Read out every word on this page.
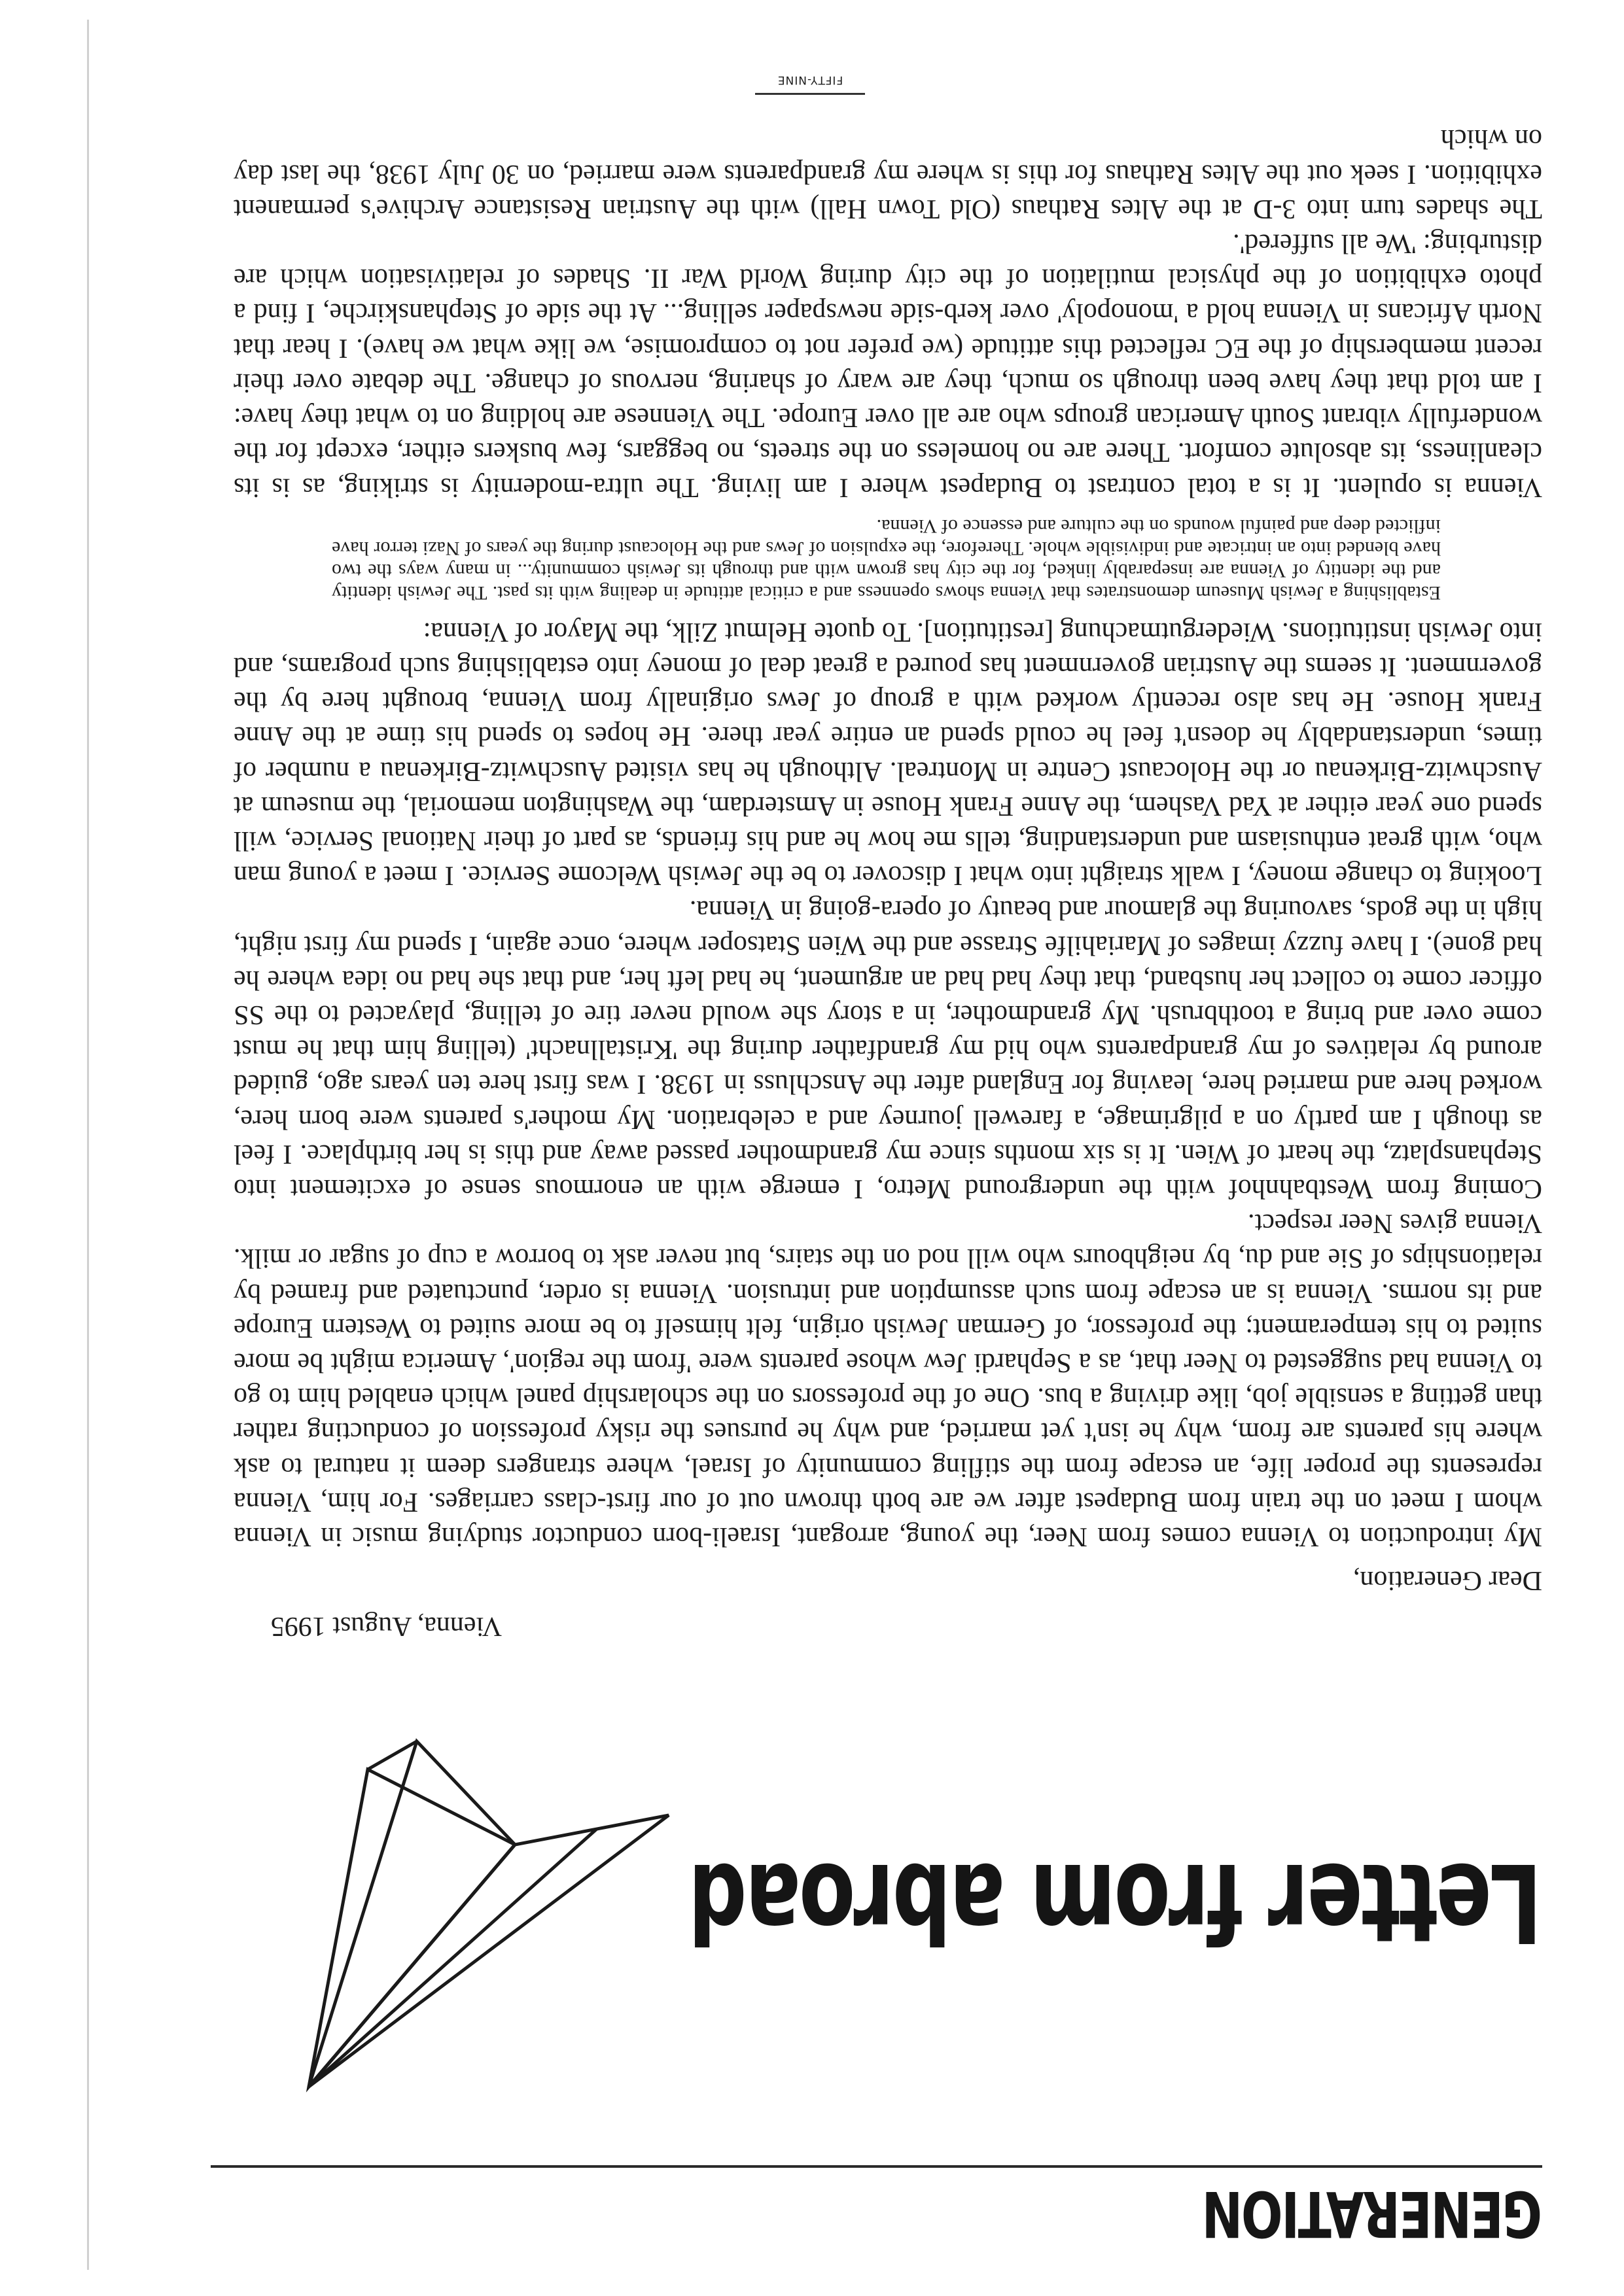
GENERATION
Letter from abroad
Vienna, August 1995
Dear Generation,

My introduction to Vienna comes from Neer, the young, arrogant, Israeli-born conductor studying music in Vienna whom I meet on the train from Budapest after we are both thrown out of our first-class carriages. For him, Vienna represents the proper life, an escape from the stifling community of Israel, where strangers deem it natural to ask where his parents are from, why he isn't yet married, and why he pursues the risky profession of conducting rather than getting a sensible job, like driving a bus. One of the professors on the scholarship panel which enabled him to go to Vienna had suggested to Neer that, as a Sephardi Jew whose parents were 'from the region', America might be more suited to his temperament; the professor, of German Jewish origin, felt himself to be more suited to Western Europe and its norms. Vienna is an escape from such assumption and intrusion. Vienna is order, punctuated and framed by relationships of Sie and du, by neighbours who will nod on the stairs, but never ask to borrow a cup of sugar or milk. Vienna gives Neer respect.

Coming from Westbahnhof with the underground Metro, I emerge with an enormous sense of excitement into Stephansplatz, the heart of Wien. It is six months since my grandmother passed away and this is her birthplace. I feel as though I am partly on a pilgrimage, a farewell journey and a celebration. My mother's parents were born here, worked here and married here, leaving for England after the Anschluss in 1938. I was first here ten years ago, guided around by relatives of my grandparents who hid my grandfather during the 'Kristallnacht' (telling him that he must come over and bring a toothbrush. My grandmother, in a story she would never tire of telling, playacted to the SS officer come to collect her husband, that they had had an argument, he had left her, and that she had no idea where he had gone). I have fuzzy images of Mariahilfe Strasse and the Wien Statsoper where, once again, I spend my first night, high in the gods, savouring the glamour and beauty of opera-going in Vienna.

Looking to change money, I walk straight into what I discover to be the Jewish Welcome Service. I meet a young man who, with great enthusiasm and understanding, tells me how he and his friends, as part of their National Service, will spend one year either at Yad Vashem, the Anne Frank House in Amsterdam, the Washington memorial, the museum at Auschwitz-Birkenau or the Holocaust Centre in Montreal. Although he has visited Auschwitz-Birkenau a number of times, understandably he doesn't feel he could spend an entire year there. He hopes to spend his time at the Anne Frank House. He has also recently worked with a group of Jews originally from Vienna, brought here by the government. It seems the Austrian government has poured a great deal of money into establishing such programs, and into Jewish institutions. Wiedergutmachung [restitution]. To quote Helmut Zilk, the Mayor of Vienna:

Establishing a Jewish Museum demonstrates that Vienna shows openness and a critical attitude in dealing with its past. The Jewish identity and the identity of Vienna are inseparably linked, for the city has grown with and through its Jewish community... in many ways the two have blended into an intricate and indivisible whole. Therefore, the expulsion of Jews and the Holocaust during the years of Nazi terror have inflicted deep and painful wounds on the culture and essence of Vienna.

Vienna is opulent. It is a total contrast to Budapest where I am living. The ultra-modernity is striking, as is its cleanliness, its absolute comfort. There are no homeless on the streets, no beggars, few buskers either, except for the wonderfully vibrant South American groups who are all over Europe. The Viennese are holding on to what they have: I am told that they have been through so much, they are wary of sharing, nervous of change. The debate over their recent membership of the EC reflected this attitude (we prefer not to compromise, we like what we have). I hear that North Africans in Vienna hold a 'monopoly' over kerb-side newspaper selling... At the side of Stephanskirche, I find a photo exhibition of the physical mutilation of the city during World War II. Shades of relativisation which are disturbing: 'We all suffered'.

The shades turn into 3-D at the Altes Rathaus (Old Town Hall) with the Austrian Resistance Archive's permanent exhibition. I seek out the Altes Rathaus for this is where my grandparents were married, on 30 July 1938, the last day on which

FIFTY-NINE
